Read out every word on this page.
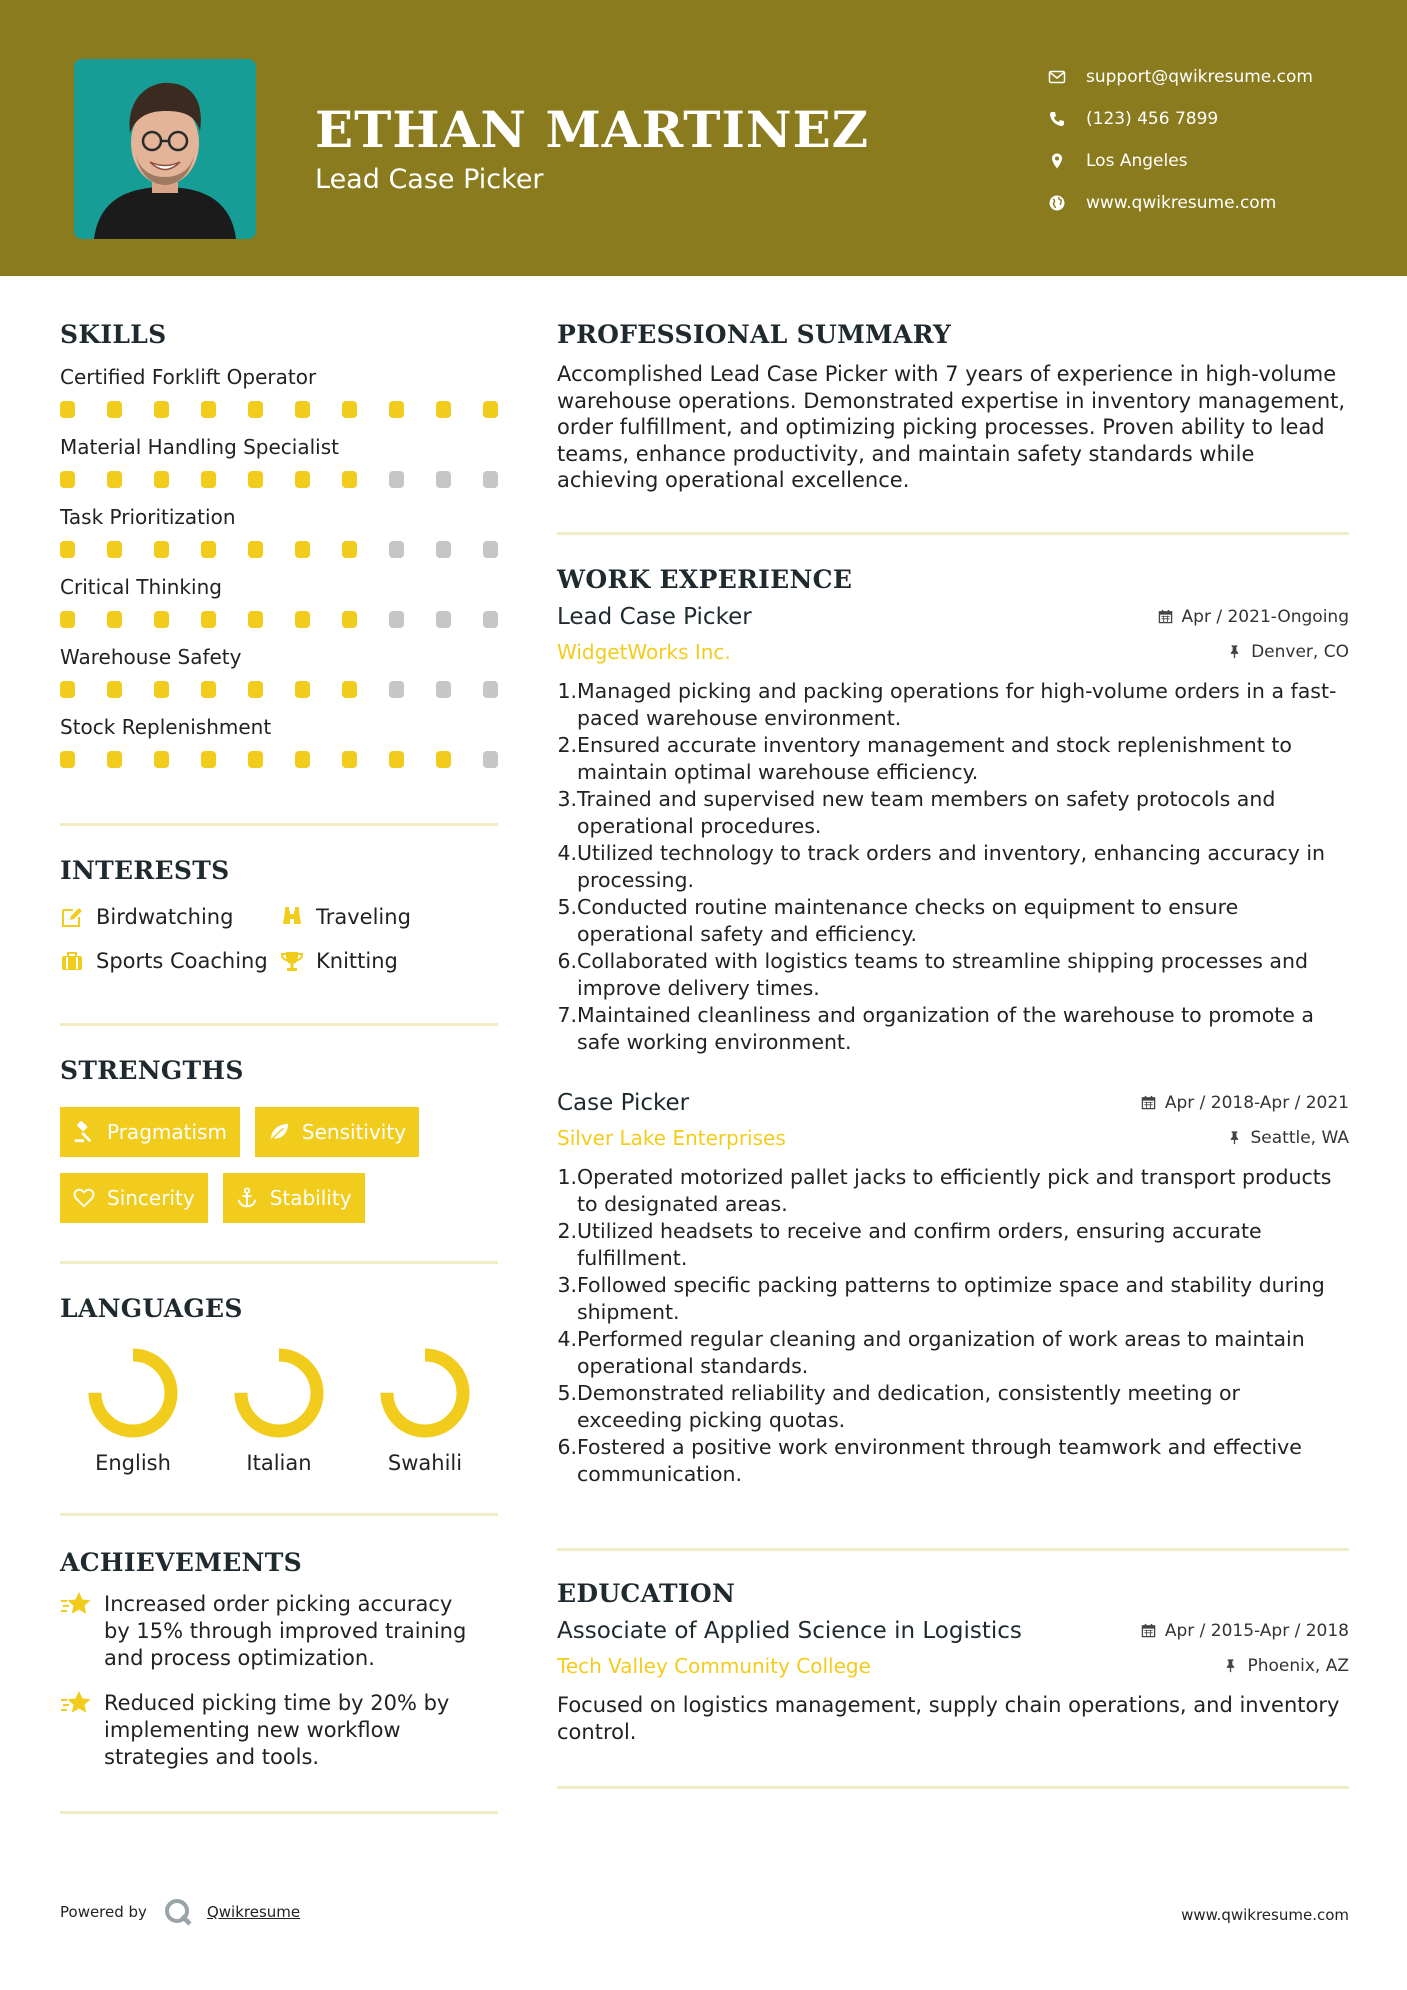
ETHAN MARTINEZ
Lead Case Picker
support@qwikresume.com
(123) 456 7899
Los Angeles
www.qwikresume.com
SKILLS
Certified Forklift Operator
Material Handling Specialist
Task Prioritization
Critical Thinking
Warehouse Safety
Stock Replenishment
INTERESTS
Birdwatching	Traveling
Sports Coaching Knitting
STRENGTHS
Pragmatism	Sensitivity
Sincerity	Stability
LANGUAGES
English	Italian	Swahili
ACHIEVEMENTS
Increased order picking accuracy by 15% through improved training and process optimization.
Reduced picking time by 20% by implementing new workflow strategies and tools.
PROFESSIONAL SUMMARY
Accomplished Lead Case Picker with 7 years of experience in high-volume warehouse operations. Demonstrated expertise in inventory management, order fulfillment, and optimizing picking processes. Proven ability to lead teams, enhance productivity, and maintain safety standards while achieving operational excellence.
WORK EXPERIENCE
Lead Case Picker	Apr / 2021-Ongoing
WidgetWorks Inc.	Denver, CO
1. Managed picking and packing operations for high-volume orders in a fast-paced warehouse environment.
2. Ensured accurate inventory management and stock replenishment to maintain optimal warehouse efficiency.
3. Trained and supervised new team members on safety protocols and operational procedures.
4. Utilized technology to track orders and inventory, enhancing accuracy in processing.
5. Conducted routine maintenance checks on equipment to ensure operational safety and efficiency.
6. Collaborated with logistics teams to streamline shipping processes and improve delivery times.
7. Maintained cleanliness and organization of the warehouse to promote a safe working environment.
Case Picker	Apr / 2018-Apr / 2021
Silver Lake Enterprises	Seattle, WA
1. Operated motorized pallet jacks to efficiently pick and transport products to designated areas.
2. Utilized headsets to receive and confirm orders, ensuring accurate fulfillment.
3. Followed specific packing patterns to optimize space and stability during shipment.
4. Performed regular cleaning and organization of work areas to maintain operational standards.
5. Demonstrated reliability and dedication, consistently meeting or exceeding picking quotas.
6. Fostered a positive work environment through teamwork and effective communication.
EDUCATION
Associate of Applied Science in Logistics	Apr / 2015-Apr / 2018
Tech Valley Community College	Phoenix, AZ
Focused on logistics management, supply chain operations, and inventory control.
Powered by	Qwikresume	www.qwikresume.com
